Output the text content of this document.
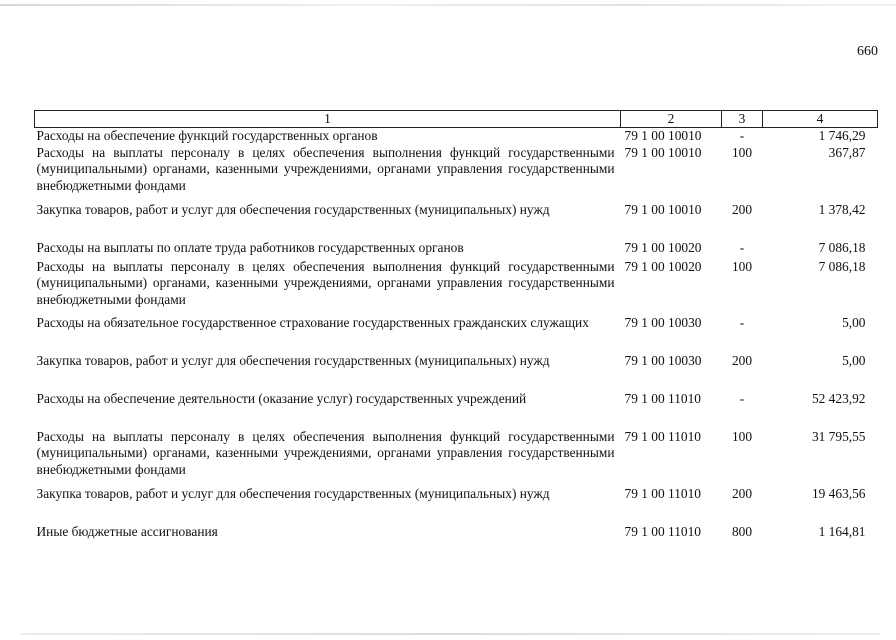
660
1	2	3	4
Расходы на обеспечение функций государственных органов	79 1 00 10010	-	1 746,29
Расходы на выплаты персоналу в целях обеспечения выполнения функций государственными (муниципальными) органами, казенными учреждениями, органами управления государственными внебюджетными фондами	79 1 00 10010	100	367,87
Закупка товаров, работ и услуг для обеспечения государственных (муниципальных) нужд	79 1 00 10010	200	1 378,42
Расходы на выплаты по оплате труда работников государственных органов	79 1 00 10020	-	7 086,18
Расходы на выплаты персоналу в целях обеспечения выполнения функций государственными (муниципальными) органами, казенными учреждениями, органами управления государственными внебюджетными фондами	79 1 00 10020	100	7 086,18
Расходы на обязательное государственное страхование государственных гражданских служащих	79 1 00 10030	-	5,00
Закупка товаров, работ и услуг для обеспечения государственных (муниципальных) нужд	79 1 00 10030	200	5,00
Расходы на обеспечение деятельности (оказание услуг) государственных учреждений	79 1 00 11010	-	52 423,92
Расходы на выплаты персоналу в целях обеспечения выполнения функций государственными (муниципальными) органами, казенными учреждениями, органами управления государственными внебюджетными фондами	79 1 00 11010	100	31 795,55
Закупка товаров, работ и услуг для обеспечения государственных (муниципальных) нужд	79 1 00 11010	200	19 463,56
Иные бюджетные ассигнования	79 1 00 11010	800	1 164,81
